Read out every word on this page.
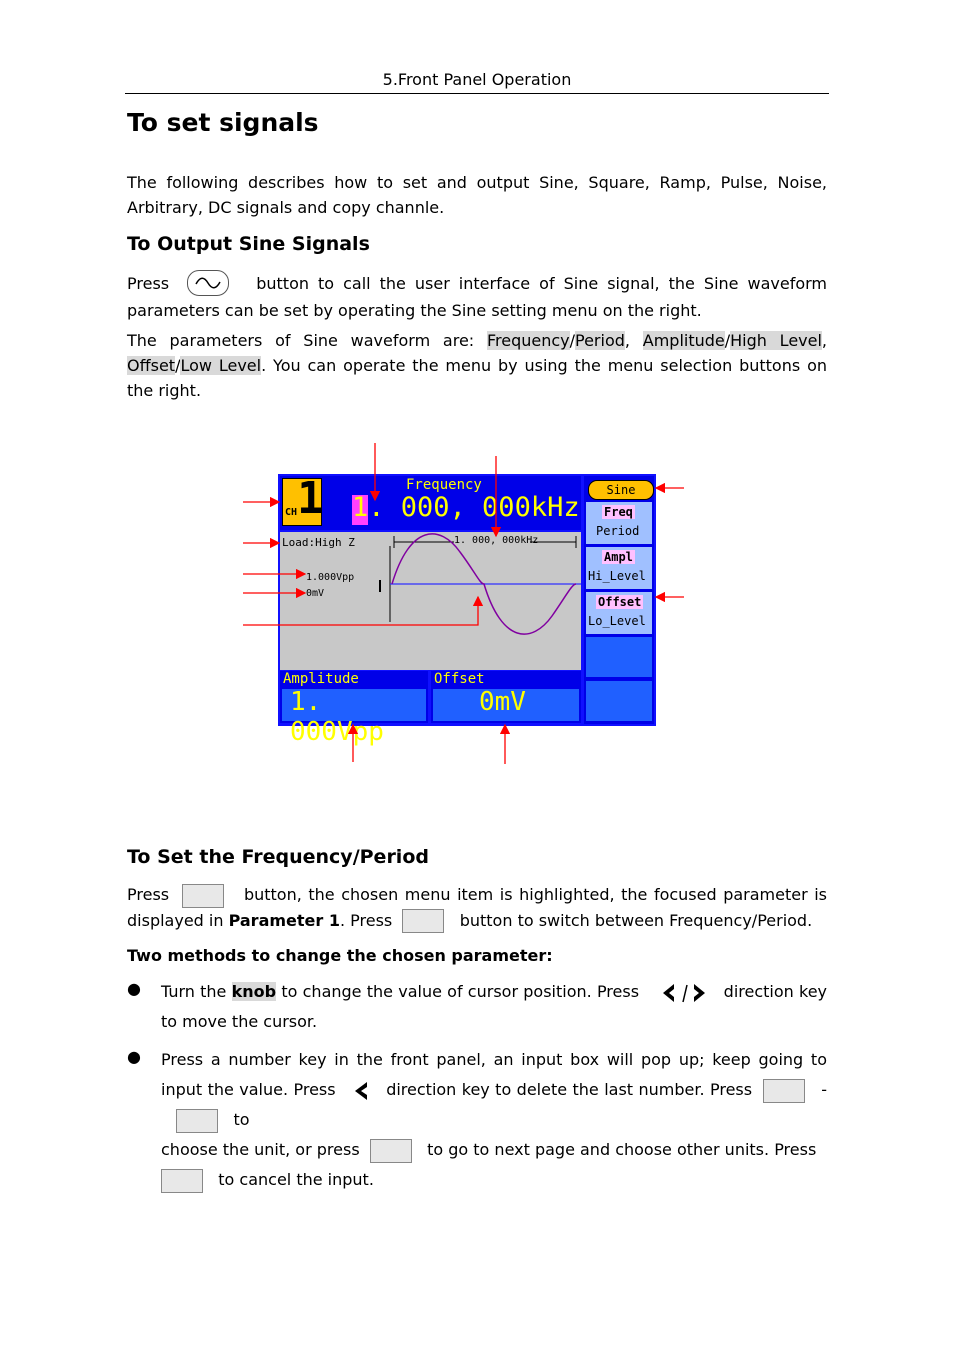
5.Front Panel Operation
To set signals
The following describes how to set and output Sine, Square, Ramp, Pulse, Noise, Arbitrary, DC signals and copy channle.
To Output Sine Signals
Press	button to call the user interface of Sine signal, the Sine waveform parameters can be set by operating the Sine setting menu on the right.
The parameters of Sine waveform are: Frequency/Period, Amplitude/High Level, Offset/Low Level. You can operate the menu by using the menu selection buttons on the right.
CH 1	Frequency
1. 000, 000kHz
Load:High Z
1.000Vpp
0mV
1. 000, 000kHz
Amplitude
1. 000Vpp
Offset
0mV
Sine
Freq
Period
Ampl
Hi_Level
Offset
Lo_Level
To Set the Frequency/Period
Press	button, the chosen menu item is highlighted, the focused parameter is displayed in Parameter 1. Press	button to switch between Frequency/Period.
Two methods to change the chosen parameter:
● Turn the knob to change the value of cursor position. Press	direction key to move the cursor.
● Press a number key in the front panel, an input box will pop up; keep going to input the value. Press	direction key to delete the last number. Press	-      to
choose the unit, or press	to go to next page and choose other units. Press
to cancel the input.
